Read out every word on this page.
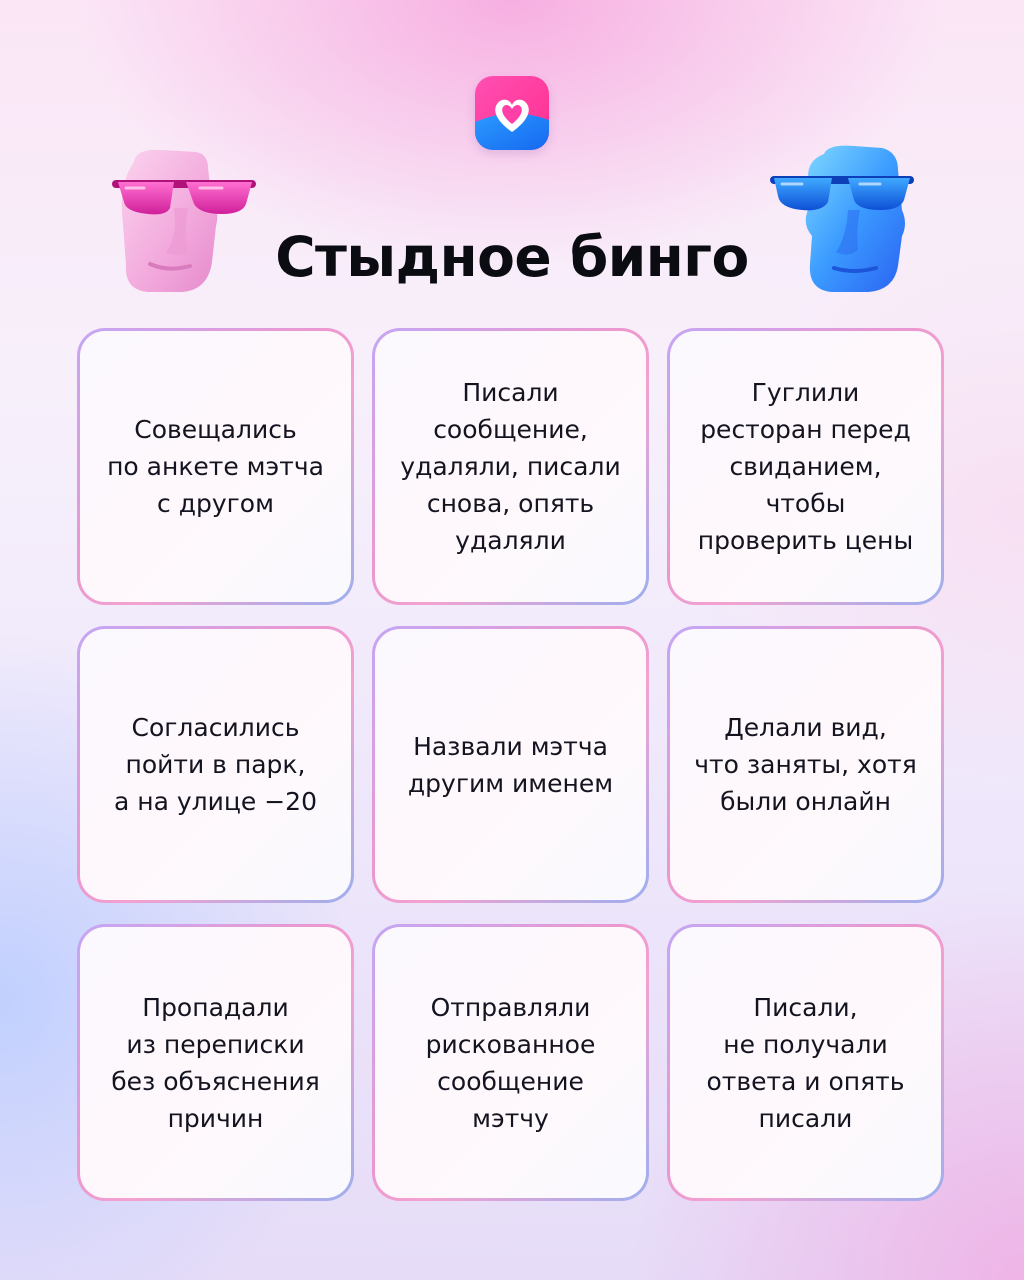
Стыдное бинго
Совещались
по анкете мэтча
с другом
Писали
сообщение,
удаляли, писали
снова, опять
удаляли
Гуглили
ресторан перед
свиданием,
чтобы
проверить цены
Согласились
пойти в парк,
а на улице −20
Назвали мэтча
другим именем
Делали вид,
что заняты, хотя
были онлайн
Пропадали
из переписки
без объяснения
причин
Отправляли
рискованное
сообщение
мэтчу
Писали,
не получали
ответа и опять
писали
